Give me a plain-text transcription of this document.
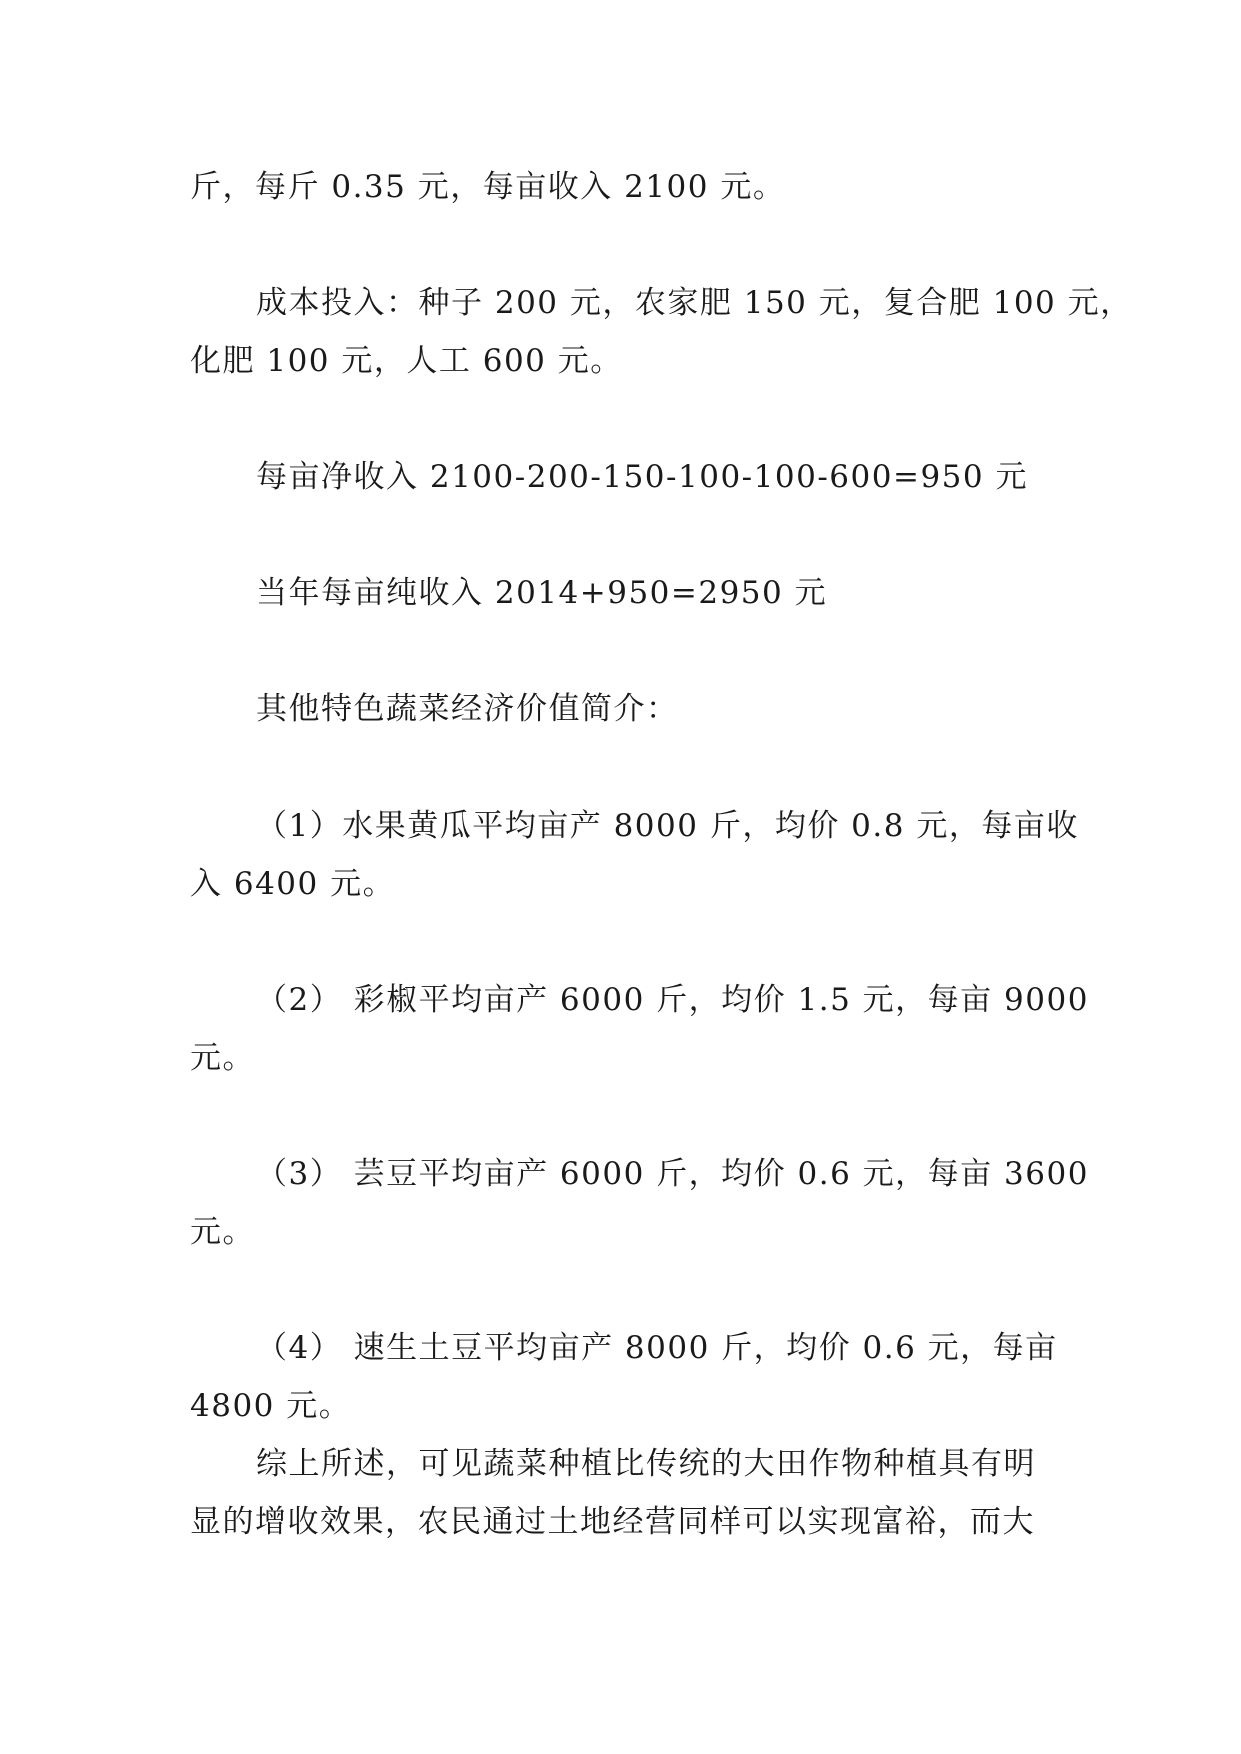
斤，每斤 0.35 元，每亩收入 2100 元。
成本投入：种子 200 元，农家肥 150 元，复合肥 100 元，
化肥 100 元，人工 600 元。
每亩净收入 2100-200-150-100-100-600=950 元
当年每亩纯收入 2014+950=2950 元
其他特色蔬菜经济价值简介：
（1）水果黄瓜平均亩产 8000 斤，均价 0.8 元，每亩收
入 6400 元。
（2） 彩椒平均亩产 6000 斤，均价 1.5 元，每亩 9000
元。
（3） 芸豆平均亩产 6000 斤，均价 0.6 元，每亩 3600
元。
（4） 速生土豆平均亩产 8000 斤，均价 0.6 元，每亩
4800 元。
综上所述，可见蔬菜种植比传统的大田作物种植具有明
显的增收效果，农民通过土地经营同样可以实现富裕，而大
